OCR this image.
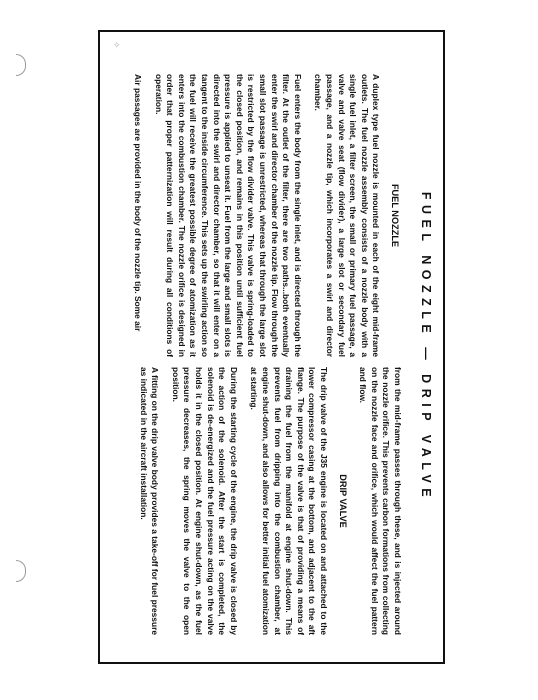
✧
FUEL NOZZLE — DRIP VALVE
FUEL NOZZLE

A duplex type fuel nozzle is mounted in each of the eight mid-frame outlets. The fuel nozzle assembly consists of a nozzle body with a single fuel inlet, a filter screen, the small or primary fuel passage, a valve and valve seat (flow divider), a large slot or secondary fuel passage, and a nozzle tip, which incorporates a swirl and director chamber.

Fuel enters the body from the single inlet, and is directed through the filter. At the outlet of the filter, there are two paths...both eventually enter the swirl and director chamber of the nozzle tip. Flow through the small slot passage is unrestricted, whereas that through the large slot is restricted by the flow divider valve. This valve is spring-loaded to the closed position, and remains in this position until sufficient fuel pressure is applied to unseat it. Fuel from the large and small slots is directed into the swirl and director chamber, so that it will enter on a tangent to the inside circumference. This sets up the swirling action so the fuel will receive the greatest possible degree of atomization as it enters into the combustion chamber. The nozzle orifice is designed in order that proper patternization will result during all conditions of operation.

Air passages are provided in the body of the nozzle tip. Some air

from the mid-frame passes through these, and is injected around the nozzle orifice. This prevents carbon formations from collecting on the nozzle face and orifice, which would affect the fuel pattern and flow.

DRIP VALVE

The drip valve of the J35 engine is located on and attached to the lower compressor casing at the bottom, and adjacent to the aft flange. The purpose of the valve is that of providing a means of draining the fuel from the manifold at engine shut-down. This prevents fuel from dripping into the combustion chamber, at engine shut-down, and also allows for better initial fuel atomization at starting.

During the starting cycle of the engine, the drip valve is closed by the action of the solenoid. After the start is completed, the solenoid is de-energized and the fuel pressure acting on the valve holds it in the closed position. At engine shut-down, as the fuel pressure decreases, the spring moves the valve to the open position.

A fitting on the drip valve body provides a take-off for fuel pressure as indicated in the aircraft installation.
